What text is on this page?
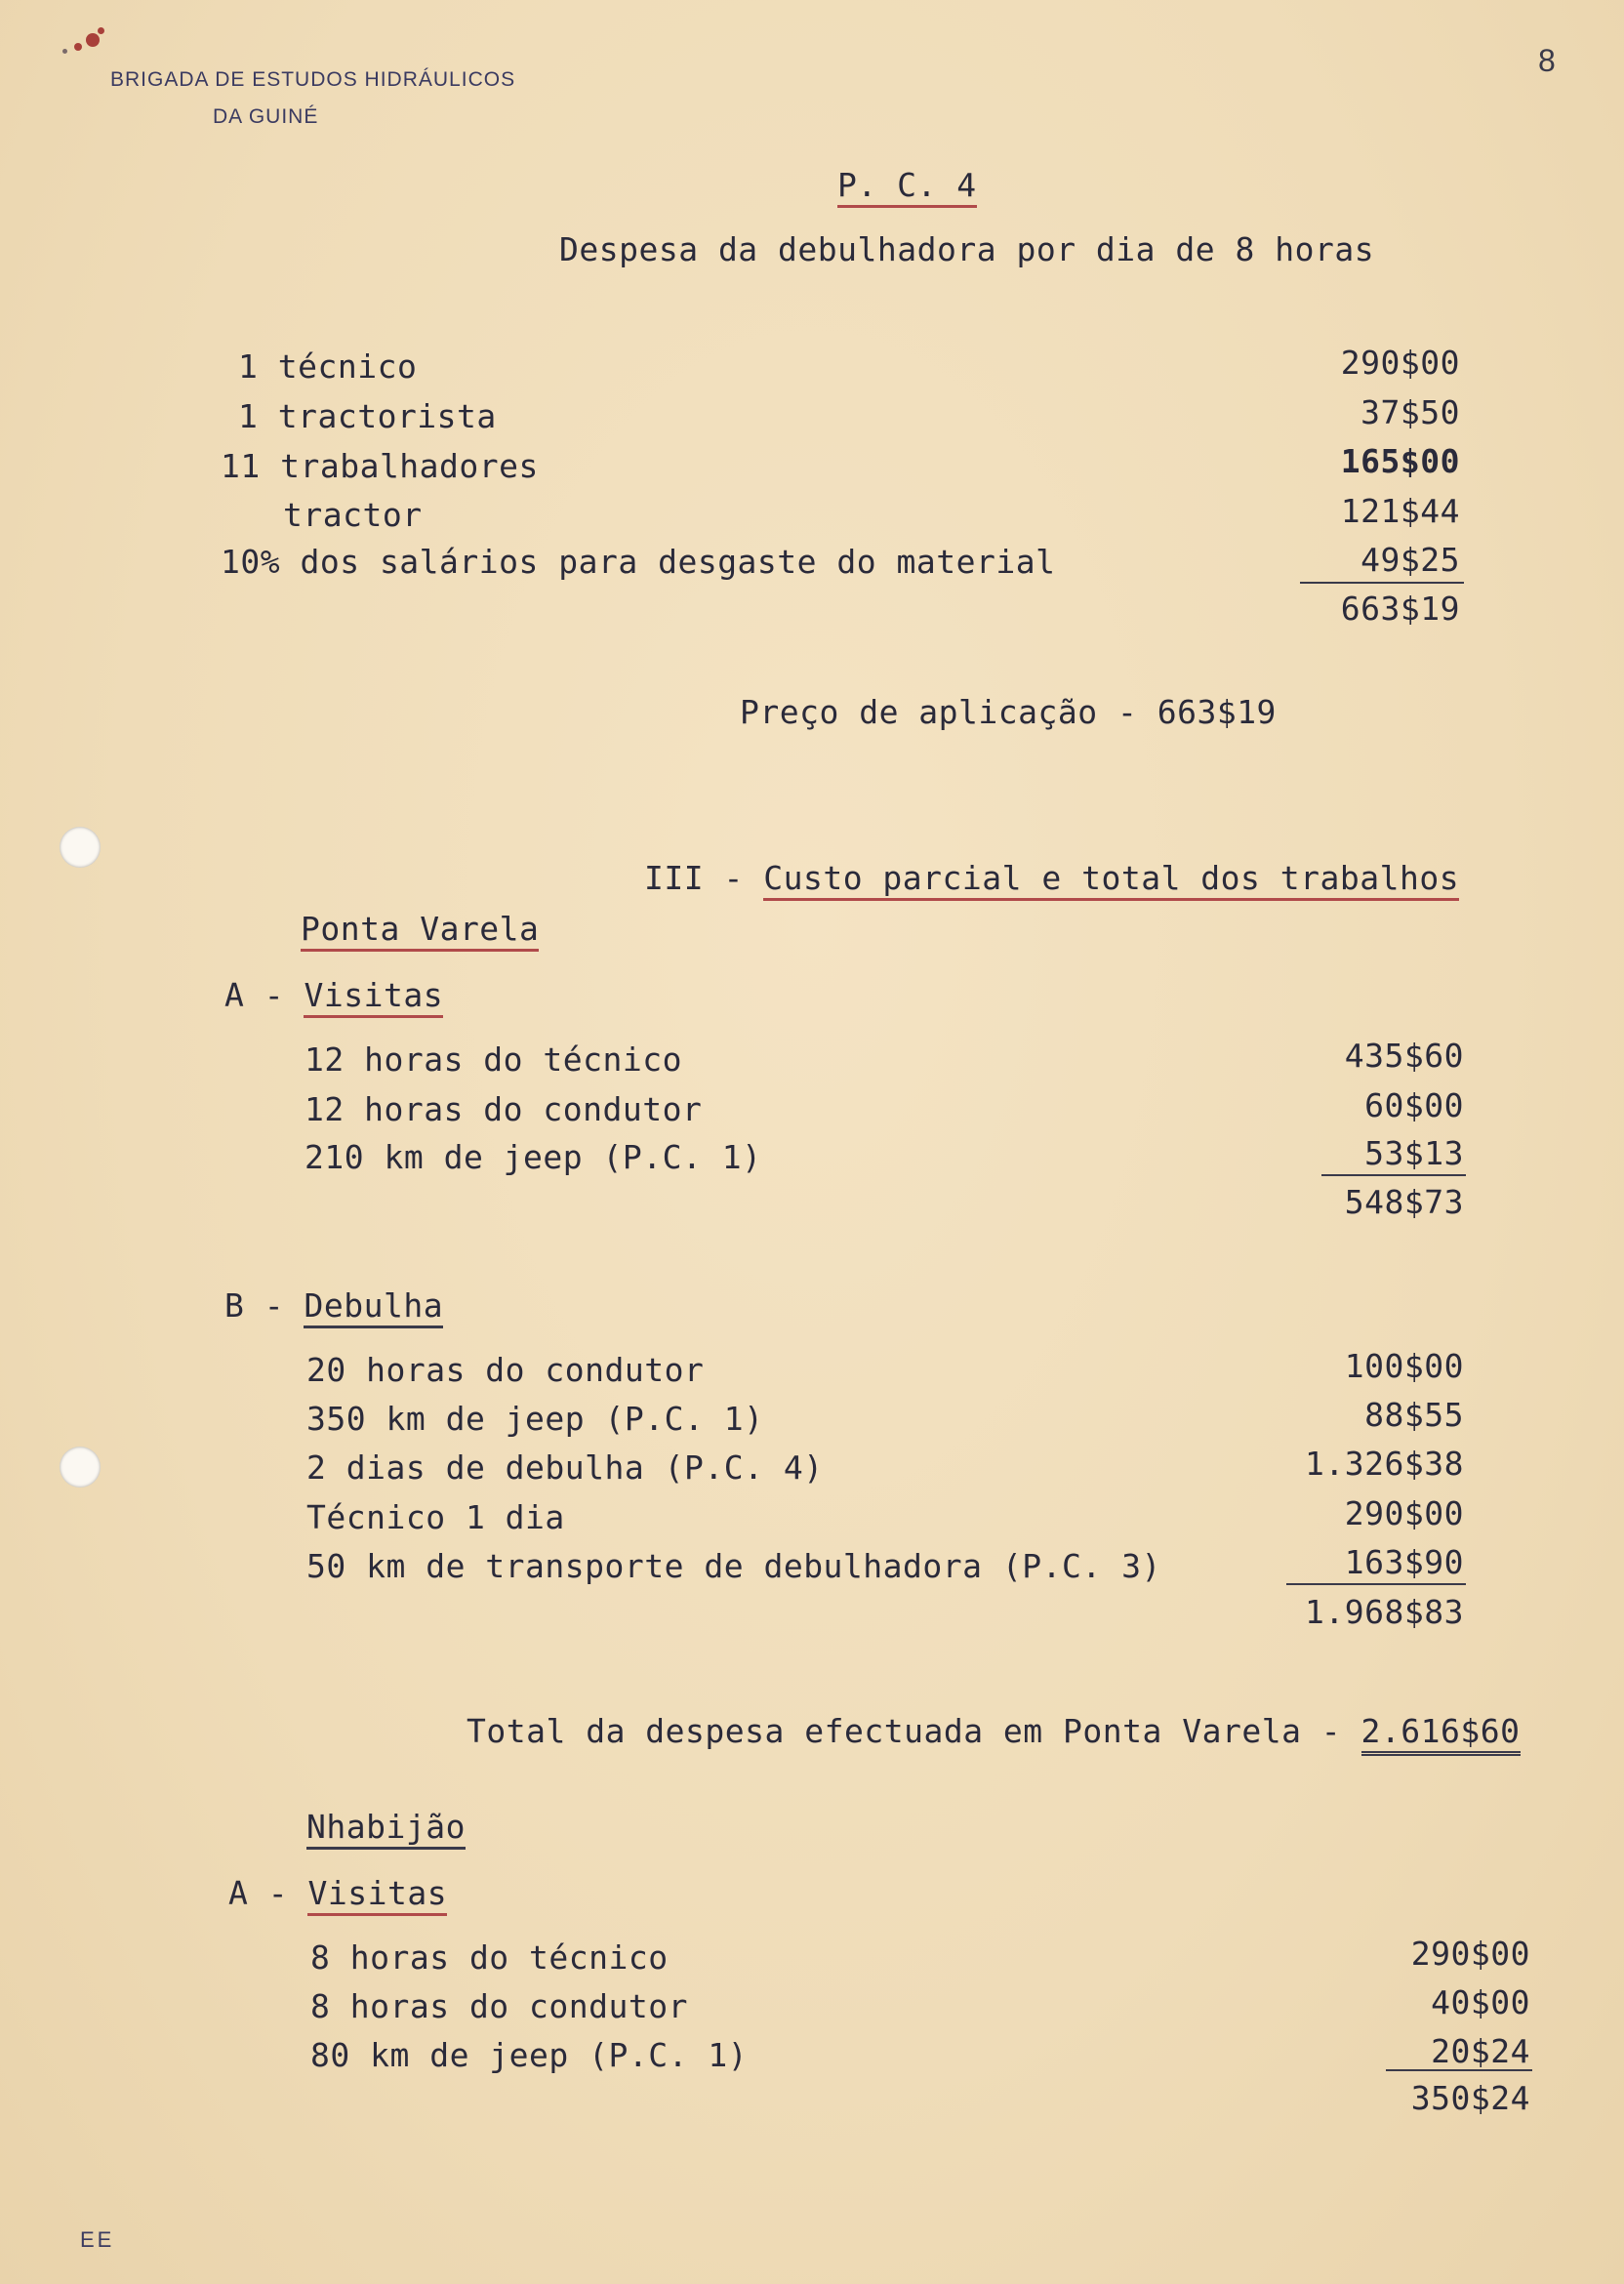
BRIGADA DE ESTUDOS HIDRÁULICOS
DA GUINÉ
8
P. C. 4
Despesa da debulhadora por dia de 8 horas
1 técnico	290$00
1 tractorista	37$50
11 trabalhadores	165$00
tractor	121$44
10% dos salários para desgaste do material	49$25
663$19
Preço de aplicação - 663$19
III - Custo parcial e total dos trabalhos
Ponta Varela
A - Visitas
12 horas do técnico	435$60
12 horas do condutor	60$00
210 km de jeep (P.C. 1)	53$13
548$73
B - Debulha
20 horas do condutor	100$00
350 km de jeep (P.C. 1)	88$55
2 dias de debulha (P.C. 4)	1.326$38
Técnico 1 dia	290$00
50 km de transporte de debulhadora (P.C. 3)	163$90
1.968$83
Total da despesa efectuada em Ponta Varela - 2.616$60
Nhabijão
A - Visitas
8 horas do técnico	290$00
8 horas do condutor	40$00
80 km de jeep (P.C. 1)	20$24
350$24
EE
